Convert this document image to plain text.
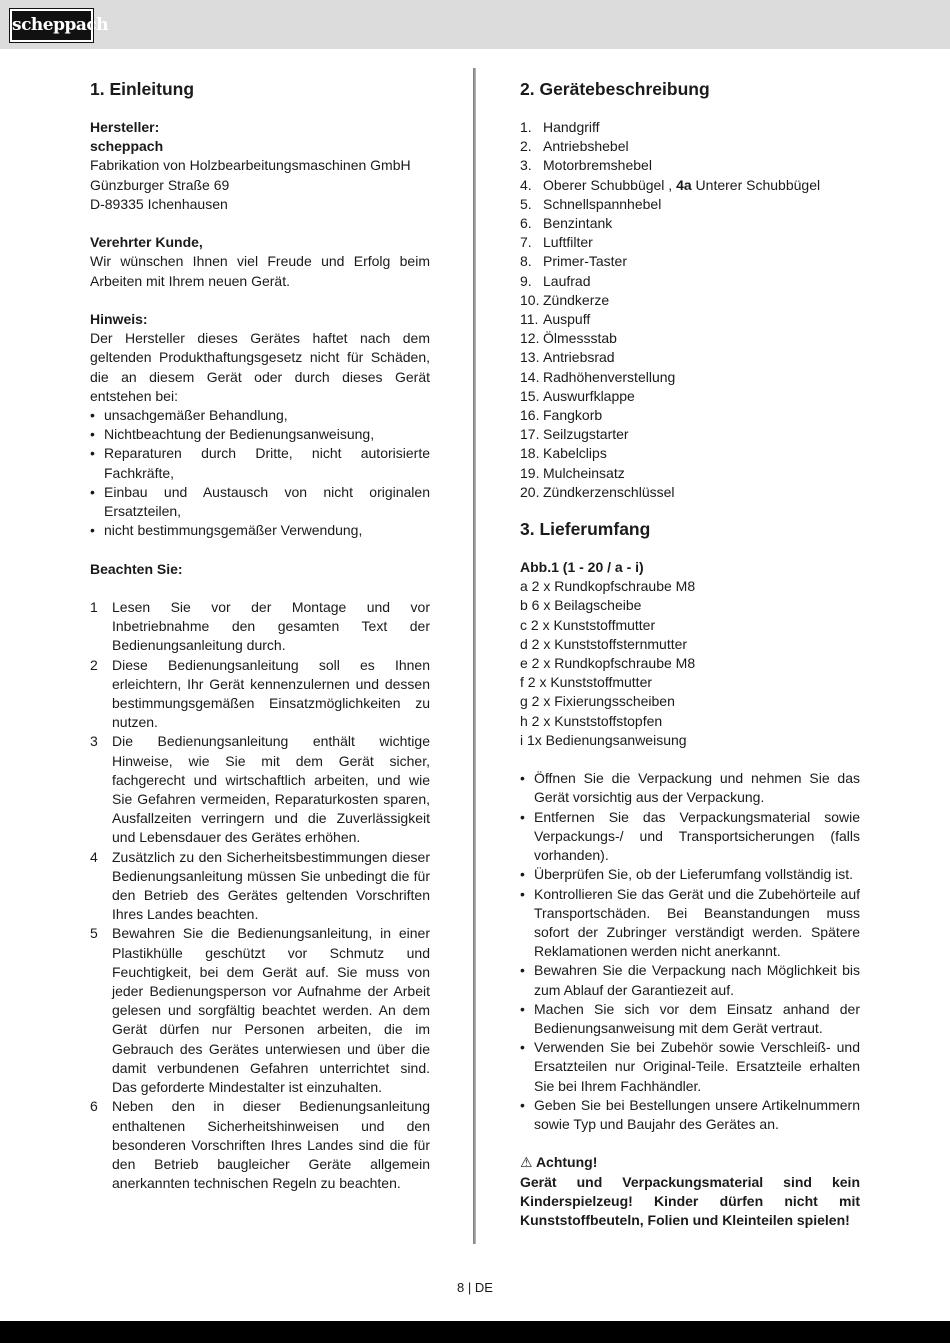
scheppach
1. Einleitung
Hersteller:
scheppach
Fabrikation von Holzbearbeitungsmaschinen GmbH
Günzburger Straße 69
D-89335 Ichenhausen
Verehrter Kunde,
Wir wünschen Ihnen viel Freude und Erfolg beim Arbeiten mit Ihrem neuen Gerät.
Hinweis:
Der Hersteller dieses Gerätes haftet nach dem geltenden Produkthaftungsgesetz nicht für Schäden, die an diesem Gerät oder durch dieses Gerät entstehen bei:
• unsachgemäßer Behandlung,
• Nichtbeachtung der Bedienungsanweisung,
• Reparaturen durch Dritte, nicht autorisierte Fachkräfte,
• Einbau und Austausch von nicht originalen Ersatzteilen,
• nicht bestimmungsgemäßer Verwendung,
Beachten Sie:
1 Lesen Sie vor der Montage und vor Inbetriebnahme den gesamten Text der Bedienungsanleitung durch.
2 Diese Bedienungsanleitung soll es Ihnen erleichtern, Ihr Gerät kennenzulernen und dessen bestimmungsgemäßen Einsatzmöglichkeiten zu nutzen.
3 Die Bedienungsanleitung enthält wichtige Hinweise, wie Sie mit dem Gerät sicher, fachgerecht und wirtschaftlich arbeiten, und wie Sie Gefahren vermeiden, Reparaturkosten sparen, Ausfallzeiten verringern und die Zuverlässigkeit und Lebensdauer des Gerätes erhöhen.
4 Zusätzlich zu den Sicherheitsbestimmungen dieser Bedienungsanleitung müssen Sie unbedingt die für den Betrieb des Gerätes geltenden Vorschriften Ihres Landes beachten.
5 Bewahren Sie die Bedienungsanleitung, in einer Plastikhülle geschützt vor Schmutz und Feuchtigkeit, bei dem Gerät auf. Sie muss von jeder Bedienungsperson vor Aufnahme der Arbeit gelesen und sorgfältig beachtet werden. An dem Gerät dürfen nur Personen arbeiten, die im Gebrauch des Gerätes unterwiesen und über die damit verbundenen Gefahren unterrichtet sind. Das geforderte Mindestalter ist einzuhalten.
6 Neben den in dieser Bedienungsanleitung enthaltenen Sicherheitshinweisen und den besonderen Vorschriften Ihres Landes sind die für den Betrieb baugleicher Geräte allgemein anerkannten technischen Regeln zu beachten.
2. Gerätebeschreibung
1. Handgriff
2. Antriebshebel
3. Motorbremshebel
4. Oberer Schubbügel , 4a Unterer Schubbügel
5. Schnellspannhebel
6. Benzintank
7. Luftfilter
8. Primer-Taster
9. Laufrad
10. Zündkerze
11. Auspuff
12. Ölmessstab
13. Antriebsrad
14. Radhöhenverstellung
15. Auswurfklappe
16. Fangkorb
17. Seilzugstarter
18. Kabelclips
19. Mulcheinsatz
20. Zündkerzenschlüssel
3. Lieferumfang
Abb.1 (1 - 20 / a - i)
a 2 x Rundkopfschraube M8
b 6 x Beilagscheibe
c 2 x Kunststoffmutter
d 2 x Kunststoffsternmutter
e 2 x Rundkopfschraube M8
f 2 x Kunststoffmutter
g 2 x Fixierungsscheiben
h 2 x Kunststoffstopfen
i 1x Bedienungsanweisung
• Öffnen Sie die Verpackung und nehmen Sie das Gerät vorsichtig aus der Verpackung.
• Entfernen Sie das Verpackungsmaterial sowie Verpackungs-/ und Transportsicherungen (falls vorhanden).
• Überprüfen Sie, ob der Lieferumfang vollständig ist.
• Kontrollieren Sie das Gerät und die Zubehörteile auf Transportschäden. Bei Beanstandungen muss sofort der Zubringer verständigt werden. Spätere Reklamationen werden nicht anerkannt.
• Bewahren Sie die Verpackung nach Möglichkeit bis zum Ablauf der Garantiezeit auf.
• Machen Sie sich vor dem Einsatz anhand der Bedienungsanweisung mit dem Gerät vertraut.
• Verwenden Sie bei Zubehör sowie Verschleiß- und Ersatzteilen nur Original-Teile. Ersatzteile erhalten Sie bei Ihrem Fachhändler.
• Geben Sie bei Bestellungen unsere Artikelnummern sowie Typ und Baujahr des Gerätes an.
⚠ Achtung!
Gerät und Verpackungsmaterial sind kein Kinderspielzeug! Kinder dürfen nicht mit Kunststoffbeuteln, Folien und Kleinteilen spielen!
8 | DE
